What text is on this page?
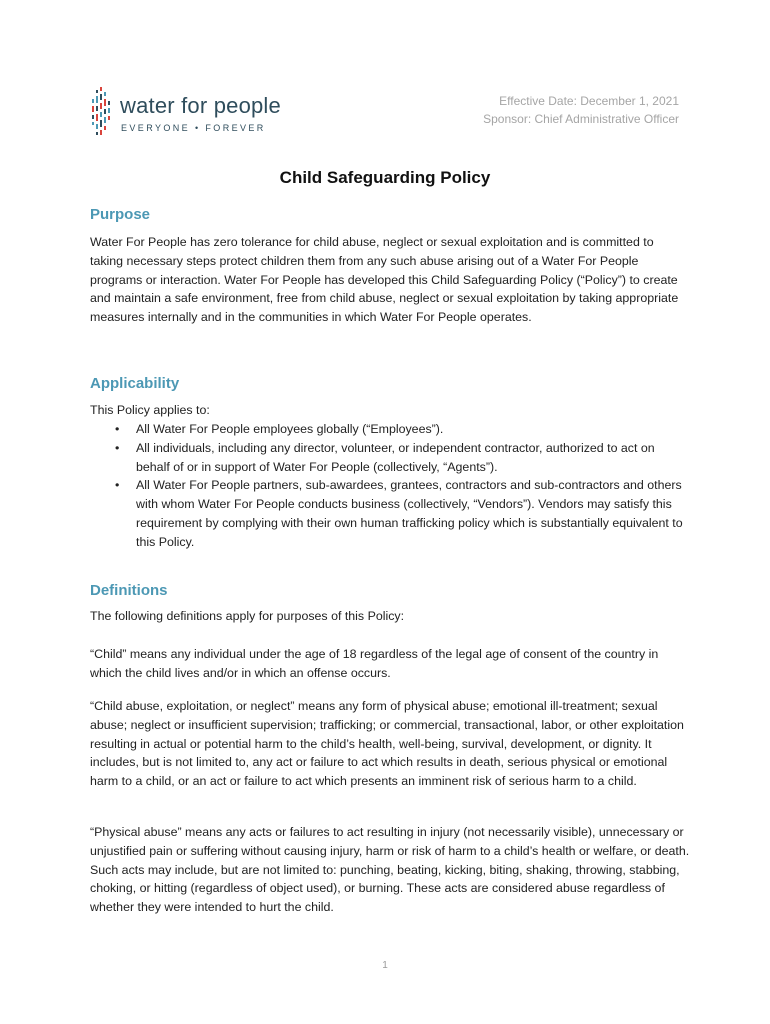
water for people
EVERYONE • FOREVER
Effective Date: December 1, 2021
Sponsor: Chief Administrative Officer
Child Safeguarding Policy
Purpose
Water For People has zero tolerance for child abuse, neglect or sexual exploitation and is committed to taking necessary steps protect children them from any such abuse arising out of a Water For People programs or interaction. Water For People has developed this Child Safeguarding Policy (“Policy”) to create and maintain a safe environment, free from child abuse, neglect or sexual exploitation by taking appropriate measures internally and in the communities in which Water For People operates.
Applicability
This Policy applies to:
• All Water For People employees globally (“Employees”).
• All individuals, including any director, volunteer, or independent contractor, authorized to act on behalf of or in support of Water For People (collectively, “Agents”).
• All Water For People partners, sub-awardees, grantees, contractors and sub-contractors and others with whom Water For People conducts business (collectively, “Vendors”). Vendors may satisfy this requirement by complying with their own human trafficking policy which is substantially equivalent to this Policy.
Definitions
The following definitions apply for purposes of this Policy:
“Child” means any individual under the age of 18 regardless of the legal age of consent of the country in which the child lives and/or in which an offense occurs.
“Child abuse, exploitation, or neglect” means any form of physical abuse; emotional ill-treatment; sexual abuse; neglect or insufficient supervision; trafficking; or commercial, transactional, labor, or other exploitation resulting in actual or potential harm to the child’s health, well-being, survival, development, or dignity. It includes, but is not limited to, any act or failure to act which results in death, serious physical or emotional harm to a child, or an act or failure to act which presents an imminent risk of serious harm to a child.
“Physical abuse” means any acts or failures to act resulting in injury (not necessarily visible), unnecessary or unjustified pain or suffering without causing injury, harm or risk of harm to a child’s health or welfare, or death. Such acts may include, but are not limited to: punching, beating, kicking, biting, shaking, throwing, stabbing, choking, or hitting (regardless of object used), or burning. These acts are considered abuse regardless of whether they were intended to hurt the child.
1
